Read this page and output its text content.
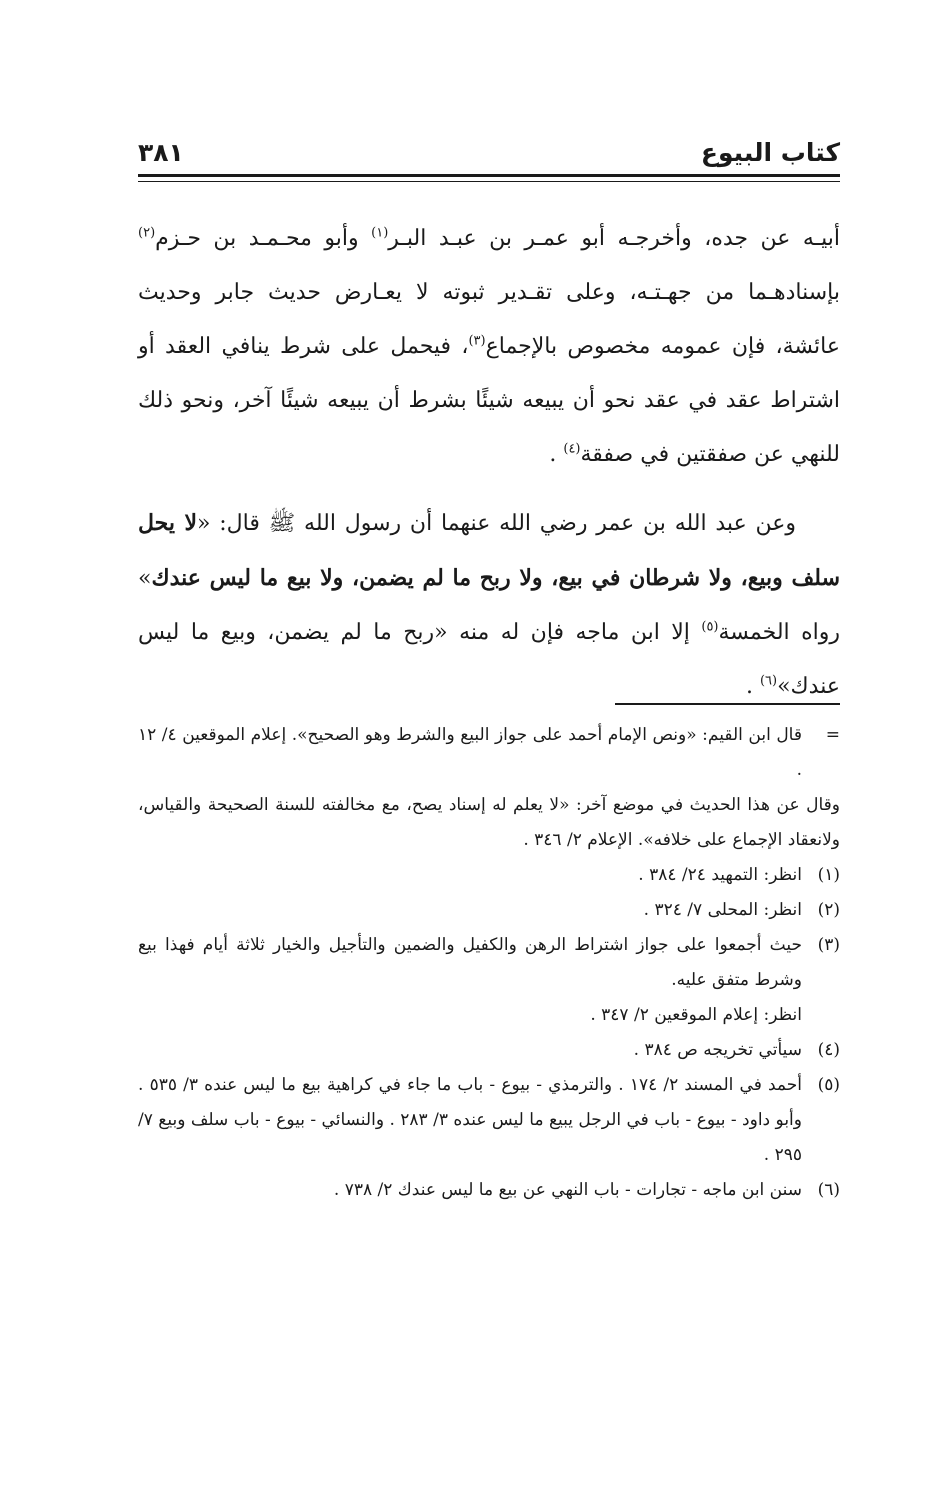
كتاب البيوع
٣٨١

أبيـه عن جده، وأخرجـه أبو عمـر بن عبـد البـر$^{(١)}$ وأبو محـمـد بن حـزم$^{(٢)}$ بإسنادهـما من جهـتـه، وعلى تقـدير ثبوته لا يعـارض حديث جابر وحديث عائشة، فإن عمومه مخصوص بالإجماع$^{(٣)}$، فيحمل على شرط ينافي العقد أو اشتراط عقد في عقد نحو أن يبيعه شيئًا بشرط أن يبيعه شيئًا آخر، ونحو ذلك للنهي عن صفقتين في صفقة$^{(٤)}$ .

وعن عبد الله بن عمر رضي الله عنهما أن رسول الله ﷺ قال: «لا يحل سلف وبيع، ولا شرطان في بيع، ولا ربح ما لم يضمن، ولا بيع ما ليس عندك» رواه الخمسة$^{(٥)}$ إلا ابن ماجه فإن له منه «ربح ما لم يضمن، وبيع ما ليس عندك»$^{(٦)}$ .

=
قال ابن القيم: «ونص الإمام أحمد على جواز البيع والشرط وهو الصحيح». إعلام الموقعين ٤/ ١٢ .
وقال عن هذا الحديث في موضع آخر: «لا يعلم له إسناد يصح، مع مخالفته للسنة الصحيحة والقياس، ولانعقاد الإجماع على خلافه». الإعلام ٢/ ٣٤٦ .
(١)
انظر: التمهيد ٢٤/ ٣٨٤ .
(٢)
انظر: المحلى ٧/ ٣٢٤ .
(٣)
حيث أجمعوا على جواز اشتراط الرهن والكفيل والضمين والتأجيل والخيار ثلاثة أيام فهذا بيع وشرط متفق عليه.
انظر: إعلام الموقعين ٢/ ٣٤٧ .
(٤)
سيأتي تخريجه ص ٣٨٤ .
(٥)
أحمد في المسند ٢/ ١٧٤ . والترمذي - بيوع - باب ما جاء في كراهية بيع ما ليس عنده ٣/ ٥٣٥ . وأبو داود - بيوع - باب في الرجل يبيع ما ليس عنده ٣/ ٢٨٣ . والنسائي - بيوع - باب سلف وبيع ٧/ ٢٩٥ .
(٦)
سنن ابن ماجه - تجارات - باب النهي عن بيع ما ليس عندك ٢/ ٧٣٨ .
